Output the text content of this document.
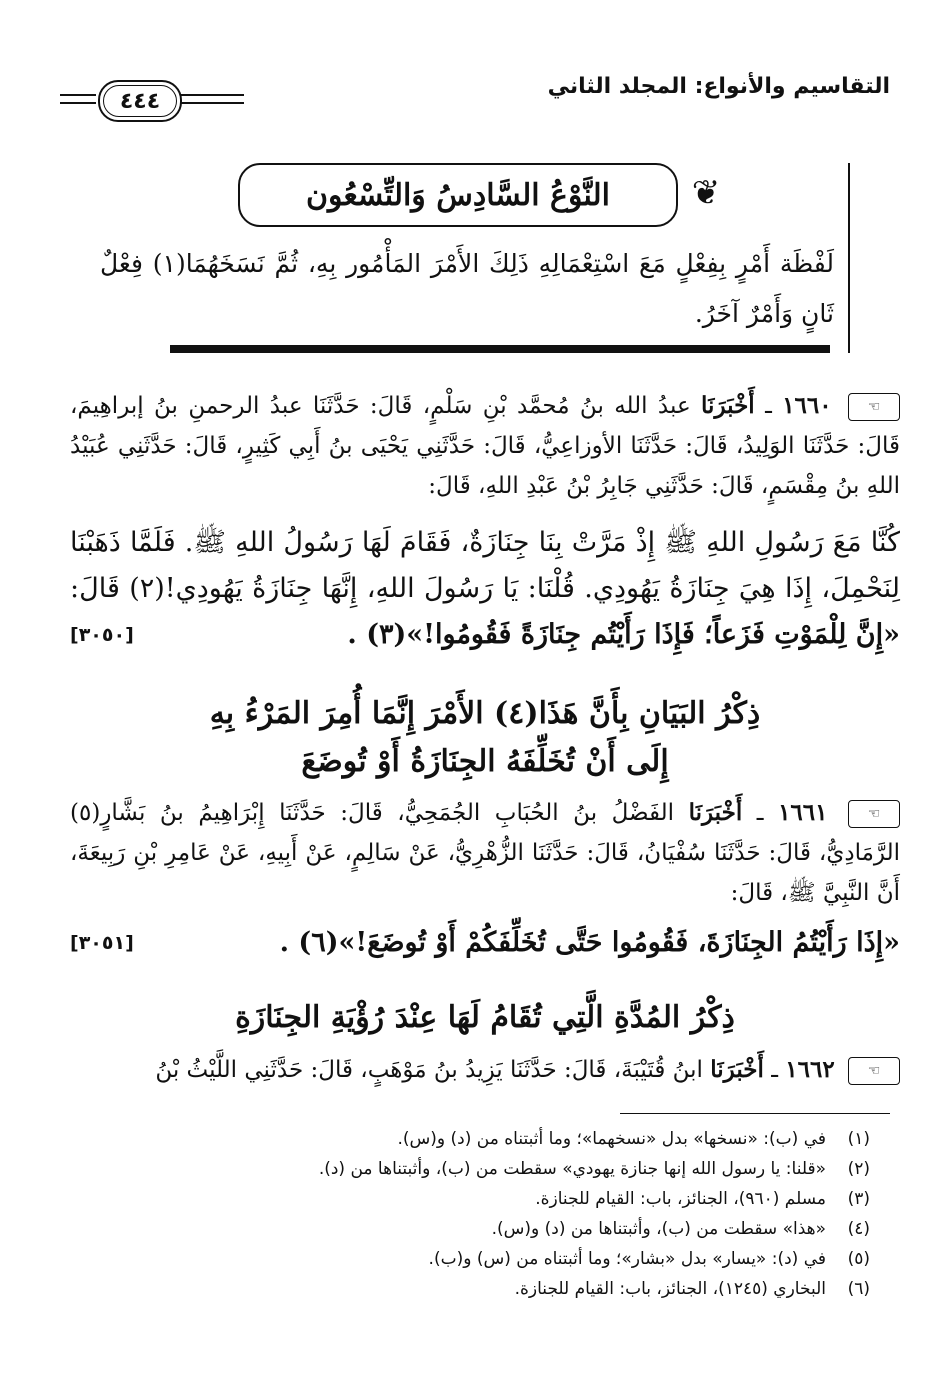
٤٤٤
التقاسيم والأنواع: المجلد الثاني
❦
النَّوْعُ السَّادِسُ وَالتِّسْعُون
لَفْظَة أَمْرٍ بِفِعْلٍ مَعَ اسْتِعْمَالِهِ ذَلِكَ الأَمْرَ المَأْمُور بِهِ، ثُمَّ نَسَخَهُمَا(١) فِعْلٌ ثَانٍ وَأَمْرٌ آخَرُ.
☜ ١٦٦٠ ـ أَخْبَرَنَا عبدُ الله بنُ مُحمَّد بْنِ سَلْمٍ، قَالَ: حَدَّثَنَا عبدُ الرحمنِ بنُ إبراهِيمَ، قَالَ: حَدَّثَنَا الوَلِيدُ، قَالَ: حَدَّثَنَا الأوزاعِيُّ، قَالَ: حَدَّثَنِي يَحْيَى بنُ أَبِي كَثِيرٍ، قَالَ: حَدَّثَنِي عُبَيْدُ اللهِ بنُ مِقْسَمٍ، قَالَ: حَدَّثَنِي جَابِرُ بْنُ عَبْدِ اللهِ، قَالَ:
كُنَّا مَعَ رَسُولِ اللهِ ﷺ إِذْ مَرَّتْ بِنَا جِنَازَةٌ، فَقَامَ لَهَا رَسُولُ اللهِ ﷺ. فَلَمَّا ذَهَبْنَا لِنَحْمِلَ، إِذَا هِيَ جِنَازَةُ يَهُودِي. قُلْنَا: يَا رَسُولَ اللهِ، إِنَّهَا جِنَازَةُ يَهُودِي!(٢) قَالَ: «إِنَّ لِلْمَوْتِ فَزَعاً؛ فَإِذَا رَأَيْتُم جِنَازَةً فَقُومُوا!»(٣) .
[٣٠٥٠]
ذِكْرُ البَيَانِ بِأَنَّ هَذَا(٤) الأَمْرَ إِنَّمَا أُمِرَ المَرْءُ بِهِ
إِلَى أَنْ تُخَلِّفَهُ الجِنَازَةُ أَوْ تُوضَعَ
☜ ١٦٦١ ـ أَخْبَرَنَا الفَضْلُ بنُ الحُبَابِ الجُمَحِيُّ، قَالَ: حَدَّثَنَا إِبْرَاهِيمُ بنُ بَشَّارٍ(٥) الرَّمَادِيُّ، قَالَ: حَدَّثَنَا سُفْيَانُ، قَالَ: حَدَّثَنَا الزُّهْرِيُّ، عَنْ سَالِمٍ، عَنْ أَبِيهِ، عَنْ عَامِرِ بْنِ رَبِيعَةَ، أَنَّ النَّبِيَّ ﷺ، قَالَ:
«إِذَا رَأَيْتُمُ الجِنَازَةَ، فَقُومُوا حَتَّى تُخَلِّفَكُمْ أَوْ تُوضَعَ!»(٦) .
[٣٠٥١]
ذِكْرُ المُدَّةِ الَّتِي تُقَامُ لَهَا عِنْدَ رُؤْيَةِ الجِنَازَةِ
☜ ١٦٦٢ ـ أَخْبَرَنَا ابنُ قُتَيْبَةَ، قَالَ: حَدَّثَنَا يَزِيدُ بنُ مَوْهَبٍ، قَالَ: حَدَّثَنِي اللَّيْثُ بْنُ
(١)في (ب): «نسخها» بدل «نسخهما»؛ وما أثبتناه من (د) و(س).
(٢)«قلنا: يا رسول الله إنها جنازة يهودي» سقطت من (ب)، وأثبتناها من (د).
(٣)مسلم (٩٦٠)، الجنائز، باب: القيام للجنازة.
(٤)«هذا» سقطت من (ب)، وأثبتناها من (د) و(س).
(٥)في (د): «يسار» بدل «بشار»؛ وما أثبتناه من (س) و(ب).
(٦)البخاري (١٢٤٥)، الجنائز، باب: القيام للجنازة.
